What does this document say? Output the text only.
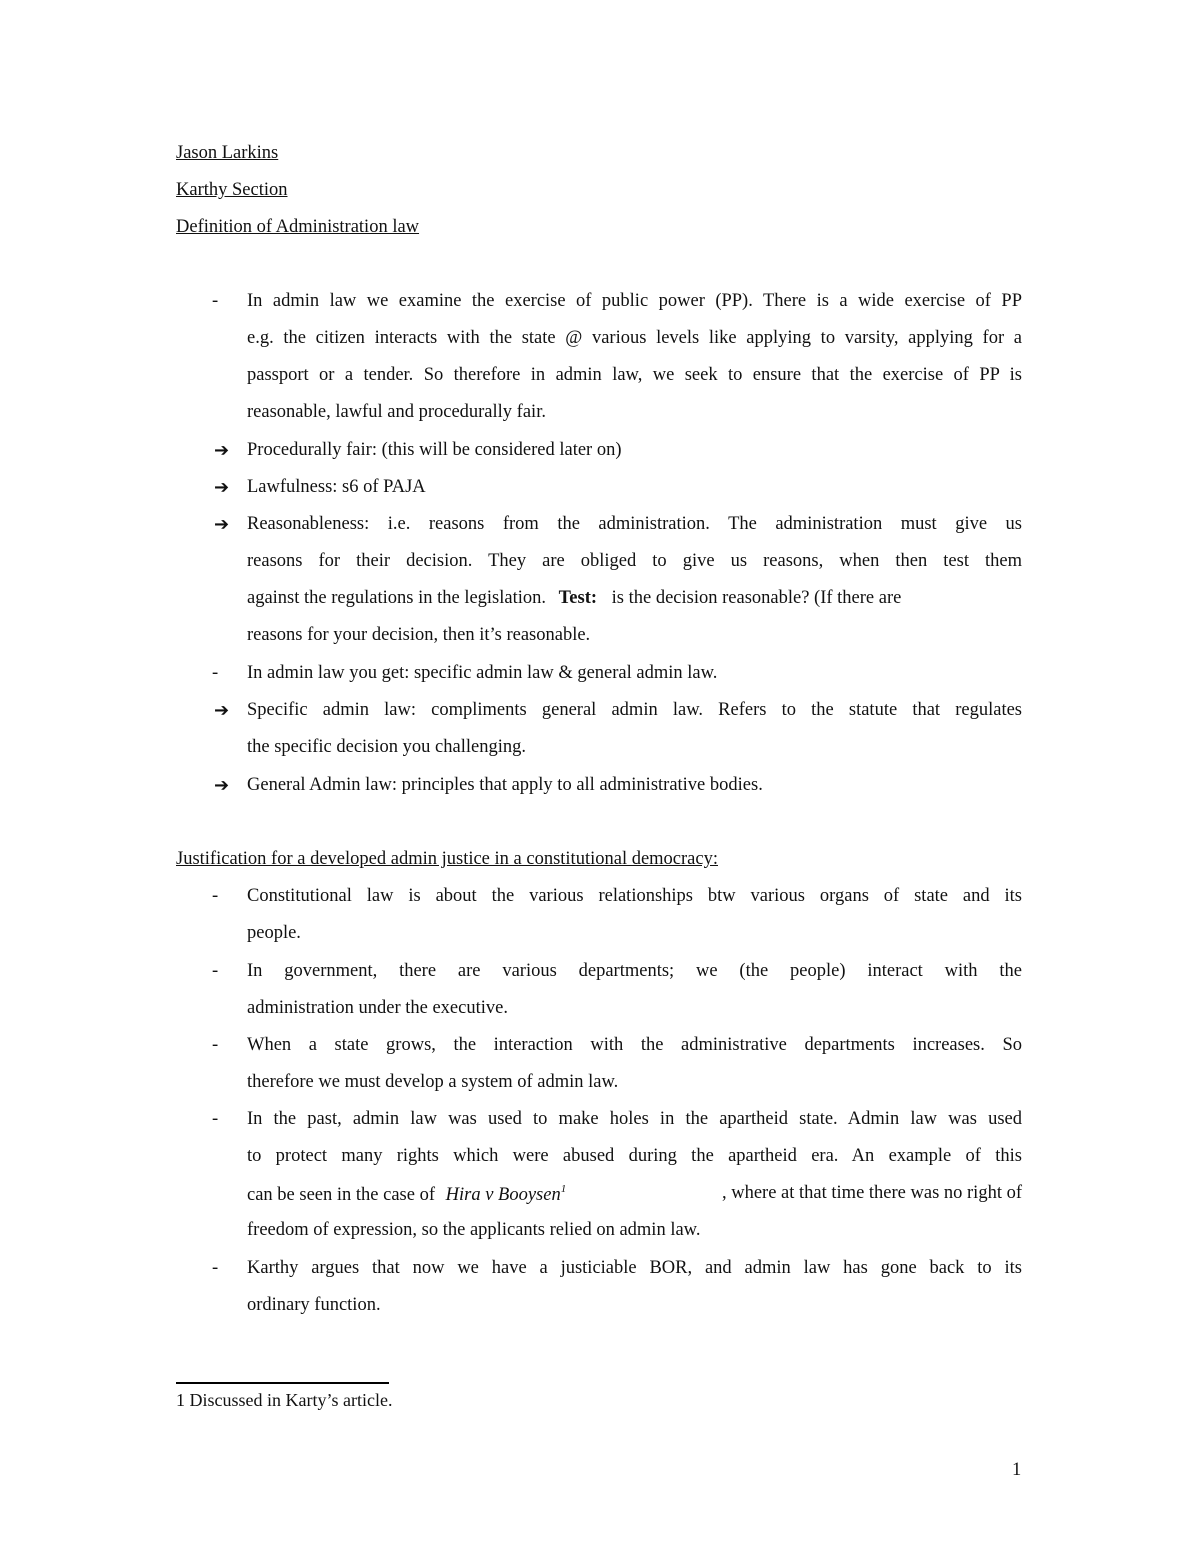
Jason Larkins
Karthy Section
Definition of Administration law
-	In admin law we examine the exercise of public power (PP). There is a wide exercise of PP
e.g. the citizen interacts with the state @ various levels like applying to varsity, applying for a
passport or a tender. So therefore in admin law, we seek to ensure that the exercise of PP is
reasonable, lawful and procedurally fair.
➔ Procedurally fair: (this will be considered later on)
➔ Lawfulness: s6 of PAJA
➔ Reasonableness: i.e. reasons from the administration. The administration must give us
reasons for their decision. They are obliged to give us reasons, when then test them
against the regulations in the legislation. Test: is the decision reasonable? (If there are
reasons for your decision, then it’s reasonable.
-	In admin law you get: specific admin law & general admin law.
➔ Specific admin law: compliments general admin law. Refers to the statute that regulates
the specific decision you challenging.
➔ General Admin law: principles that apply to all administrative bodies.
Justification for a developed admin justice in a constitutional democracy:
-	Constitutional law is about the various relationships btw various organs of state and its
people.
-	In government, there are various departments; we (the people) interact with the
administration under the executive.
-	When a state grows, the interaction with the administrative departments increases. So
therefore we must develop a system of admin law.
-	In the past, admin law was used to make holes in the apartheid state. Admin law was used
to protect many rights which were abused during the apartheid era. An example of this
can be seen in the case of Hira v Booysen$^1$	, where at that time there was no right of
freedom of expression, so the applicants relied on admin law.
-	Karthy argues that now we have a justiciable BOR, and admin law has gone back to its
ordinary function.
1 Discussed in Karty’s article.
1
